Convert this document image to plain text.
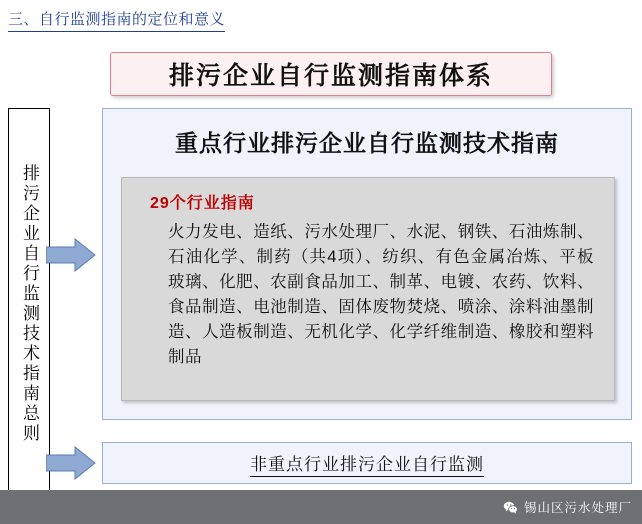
三、自行监测指南的定位和意义
排污企业自行监测指南体系
排污企业自行监测技术指南总则
重点行业排污企业自行监测技术指南
29个行业指南
火力发电、造纸、污水处理厂、水泥、钢铁、石油炼制、石油化学、制药（共4项）、纺织、有色金属冶炼、平板玻璃、化肥、农副食品加工、制革、电镀、农药、饮料、食品制造、电池制造、固体废物焚烧、喷涂、涂料油墨制造、人造板制造、无机化学、化学纤维制造、橡胶和塑料制品
非重点行业排污企业自行监测
锡山区污水处理厂
